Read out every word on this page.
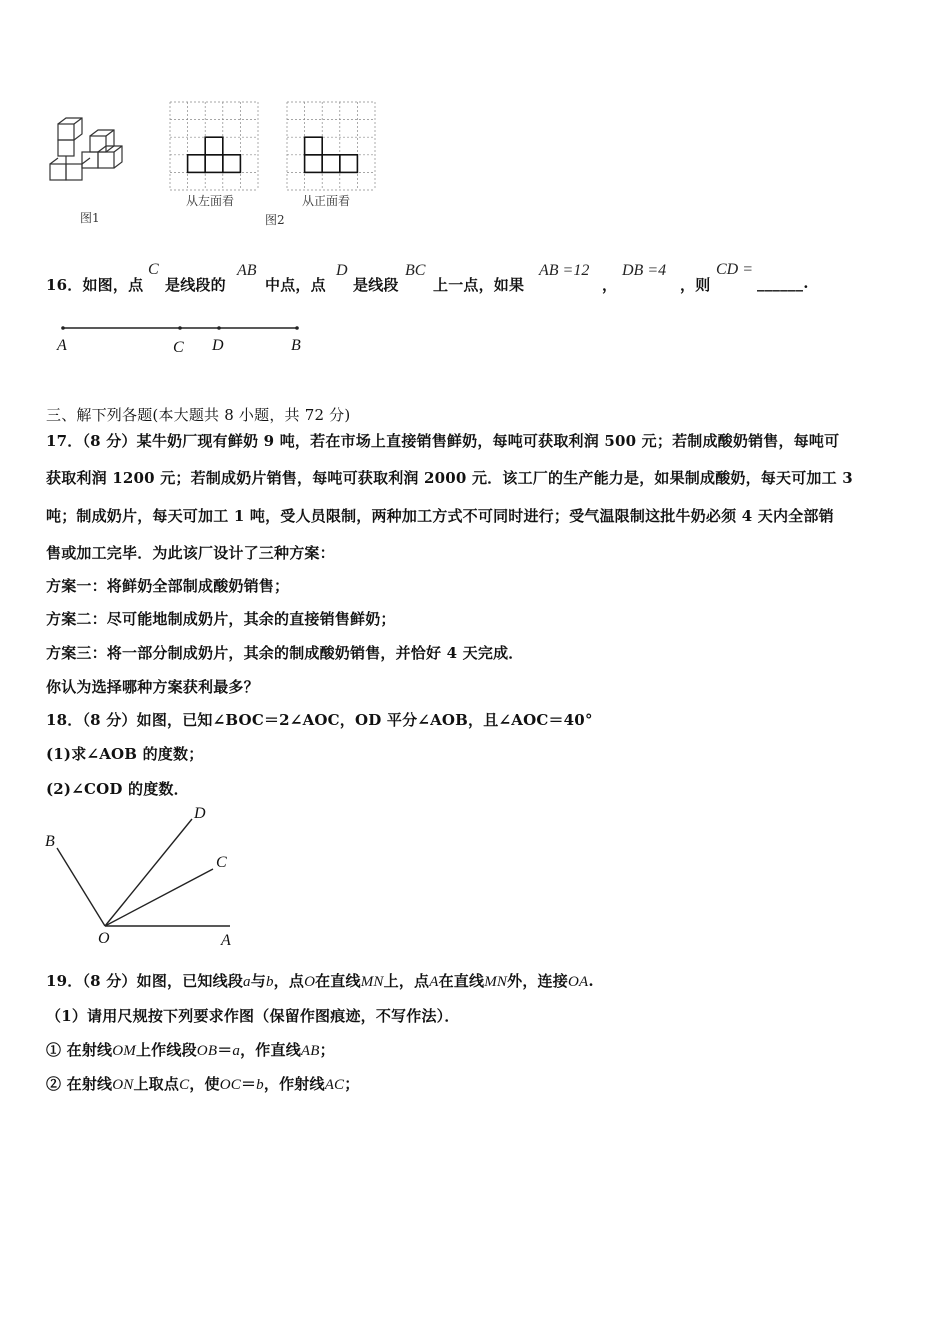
图1
从左面看	从正面看
图2
16．如图，点
C
是线段的
AB
中点，点
D
是线段
BC
上一点，如果
AB =12
，
DB =4
，则
CD =
______.
A	C D	B
三、解下列各题(本大题共 8 小题，共 72 分)
17．（8 分）某牛奶厂现有鲜奶 9 吨，若在市场上直接销售鲜奶，每吨可获取利润 500 元；若制成酸奶销售，每吨可
获取利润 1200 元；若制成奶片销售，每吨可获取利润 2000 元．该工厂的生产能力是，如果制成酸奶，每天可加工 3
吨；制成奶片，每天可加工 1 吨，受人员限制，两种加工方式不可同时进行；受气温限制这批牛奶必须 4 天内全部销
售或加工完毕．为此该厂设计了三种方案：
方案一：将鲜奶全部制成酸奶销售；
方案二：尽可能地制成奶片，其余的直接销售鲜奶；
方案三：将一部分制成奶片，其余的制成酸奶销售，并恰好 4 天完成．
你认为选择哪种方案获利最多？
18．（8 分）如图，已知∠BOC＝2∠AOC，OD 平分∠AOB，且∠AOC＝40°
(1)求∠AOB 的度数；
(2)∠COD 的度数．
B
D
C
O	A
19．（8 分）如图，已知线段a与b，点O在直线MN上，点A在直线MN外，连接OA.
（1）请用尺规按下列要求作图（保留作图痕迹，不写作法）．
① 在射线OM上作线段OB＝a，作直线AB；
② 在射线ON上取点C，使OC＝b，作射线AC；
